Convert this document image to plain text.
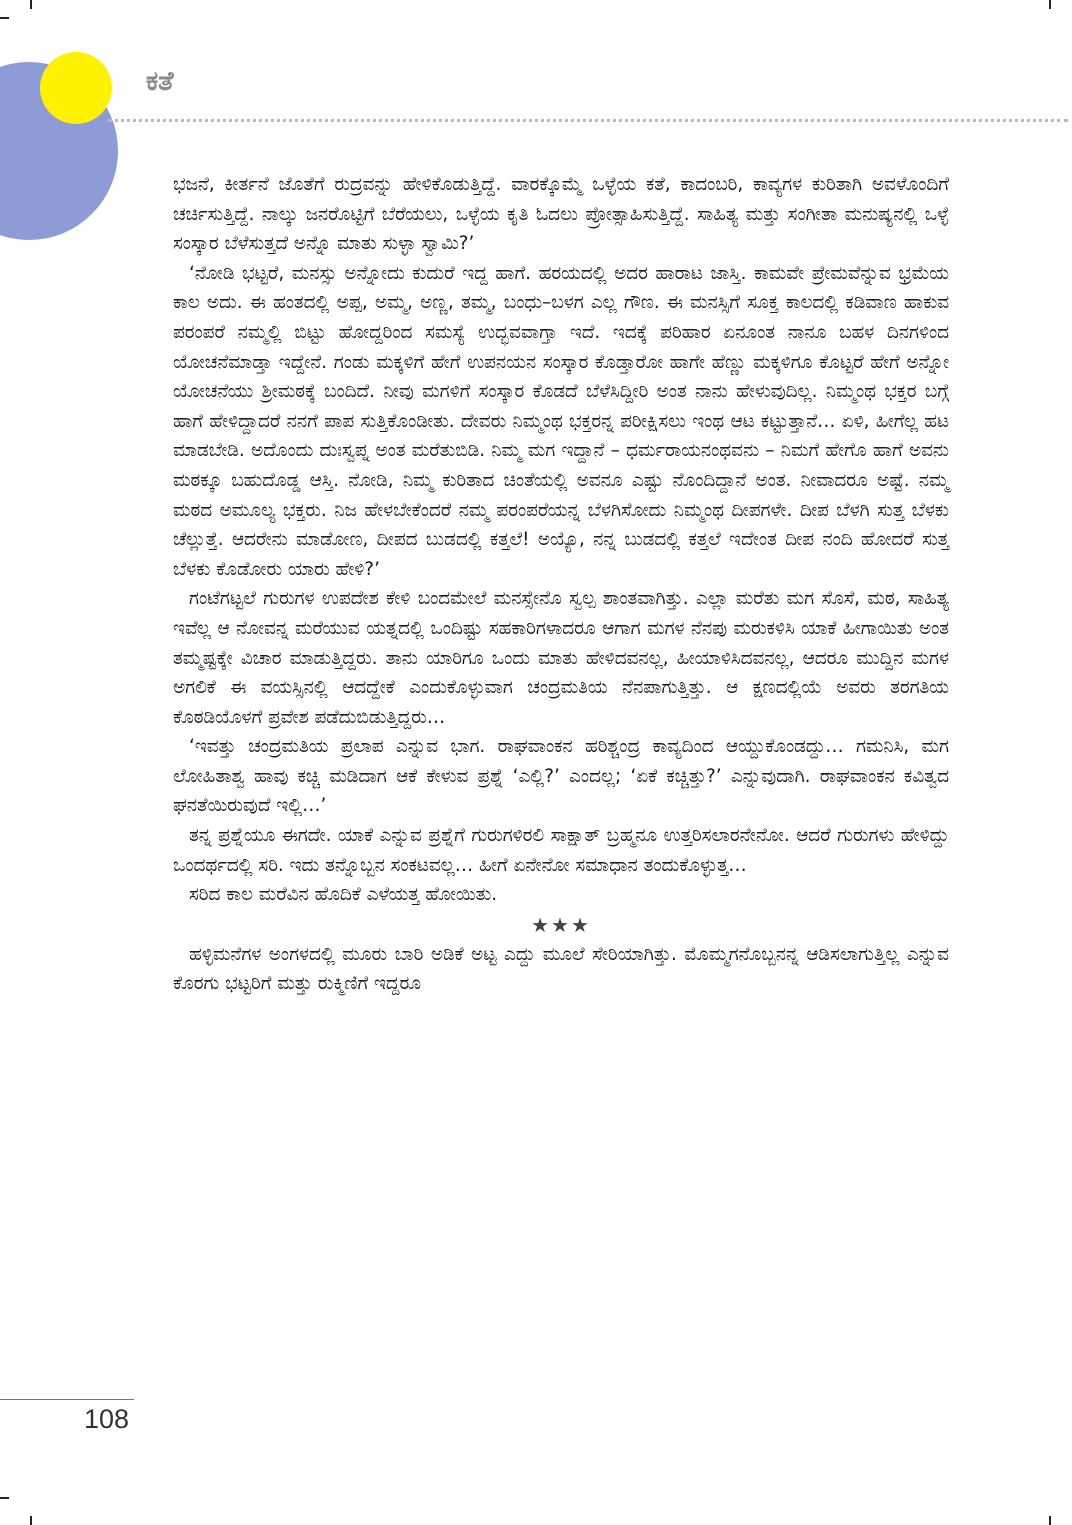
ಕತೆ

ಭಜನೆ, ಕೀರ್ತನೆ ಜೊತೆಗೆ ರುದ್ರವನ್ನು ಹೇಳಿಕೊಡುತ್ತಿದ್ದೆ. ವಾರಕ್ಕೊಮ್ಮೆ ಒಳ್ಳೆಯ ಕತೆ, ಕಾದಂಬರಿ, ಕಾವ್ಯಗಳ ಕುರಿತಾಗಿ ಅವಳೊಂದಿಗೆ ಚರ್ಚಿಸುತ್ತಿದ್ದೆ. ನಾಲ್ಕು ಜನರೊಟ್ಟಿಗೆ ಬೆರೆಯಲು, ಒಳ್ಳೆಯ ಕೃತಿ ಓದಲು ಪ್ರೋತ್ಸಾಹಿಸುತ್ತಿದ್ದೆ. ಸಾಹಿತ್ಯ ಮತ್ತು ಸಂಗೀತಾ ಮನುಷ್ಯನಲ್ಲಿ ಒಳ್ಳೆ ಸಂಸ್ಕಾರ ಬೆಳೆಸುತ್ತದೆ ಅನ್ನೊ ಮಾತು ಸುಳ್ಳಾ ಸ್ವಾಮಿ?’

‘ನೋಡಿ ಭಟ್ಟರೆ, ಮನಸ್ಸು ಅನ್ನೋದು ಕುದುರೆ ಇದ್ದ ಹಾಗೆ. ಹರಯದಲ್ಲಿ ಅದರ ಹಾರಾಟ ಜಾಸ್ತಿ. ಕಾಮವೇ ಪ್ರೇಮವೆನ್ನುವ ಭ್ರಮೆಯ ಕಾಲ ಅದು. ಈ ಹಂತದಲ್ಲಿ ಅಪ್ಪ, ಅಮ್ಮ, ಅಣ್ಣ, ತಮ್ಮ, ಬಂಧು–ಬಳಗ ಎಲ್ಲ ಗೌಣ. ಈ ಮನಸ್ಸಿಗೆ ಸೂಕ್ತ ಕಾಲದಲ್ಲಿ ಕಡಿವಾಣ ಹಾಕುವ ಪರಂಪರೆ ನಮ್ಮಲ್ಲಿ ಬಿಟ್ಟು ಹೋದ್ದರಿಂದ ಸಮಸ್ಯೆ ಉದ್ಭವವಾಗ್ತಾ ಇದೆ. ಇದಕ್ಕೆ ಪರಿಹಾರ ಏನೂಂತ ನಾನೂ ಬಹಳ ದಿನಗಳಿಂದ ಯೋಚನೆಮಾಡ್ತಾ ಇದ್ದೇನೆ. ಗಂಡು ಮಕ್ಕಳಿಗೆ ಹೇಗೆ ಉಪನಯನ ಸಂಸ್ಕಾರ ಕೊಡ್ತಾರೋ ಹಾಗೇ ಹೆಣ್ಣು ಮಕ್ಕಳಿಗೂ ಕೊಟ್ಟರೆ ಹೇಗೆ ಅನ್ನೋ ಯೋಚನೆಯು ಶ್ರೀಮಠಕ್ಕೆ ಬಂದಿದೆ. ನೀವು ಮಗಳಿಗೆ ಸಂಸ್ಕಾರ ಕೊಡದೆ ಬೆಳೆಸಿದ್ದೀರಿ ಅಂತ ನಾನು ಹೇಳುವುದಿಲ್ಲ. ನಿಮ್ಮಂಥ ಭಕ್ತರ ಬಗ್ಗೆ ಹಾಗೆ ಹೇಳಿದ್ದಾದರೆ ನನಗೆ ಪಾಪ ಸುತ್ತಿಕೊಂಡೀತು. ದೇವರು ನಿಮ್ಮಂಥ ಭಕ್ತರನ್ನ ಪರೀಕ್ಷಿಸಲು ಇಂಥ ಆಟ ಕಟ್ಟುತ್ತಾನೆ… ಏಳಿ, ಹೀಗೆಲ್ಲ ಹಟ ಮಾಡಬೇಡಿ. ಅದೊಂದು ದುಃಸ್ವಪ್ನ ಅಂತ ಮರೆತುಬಿಡಿ. ನಿಮ್ಮ ಮಗ ಇದ್ದಾನೆ – ಧರ್ಮರಾಯನಂಥವನು – ನಿಮಗೆ ಹೇಗೊ ಹಾಗೆ ಅವನು ಮಠಕ್ಕೂ ಬಹುದೊಡ್ಡ ಆಸ್ತಿ. ನೋಡಿ, ನಿಮ್ಮ ಕುರಿತಾದ ಚಿಂತೆಯಲ್ಲಿ ಅವನೂ ಎಷ್ಟು ನೊಂದಿದ್ದಾನೆ ಅಂತ. ನೀವಾದರೂ ಅಷ್ಟೆ. ನಮ್ಮ ಮಠದ ಅಮೂಲ್ಯ ಭಕ್ತರು. ನಿಜ ಹೇಳಬೇಕೆಂದರೆ ನಮ್ಮ ಪರಂಪರೆಯನ್ನ ಬೆಳಗಿಸೋದು ನಿಮ್ಮಂಥ ದೀಪಗಳೇ. ದೀಪ ಬೆಳಗಿ ಸುತ್ತ ಬೆಳಕು ಚೆಲ್ಲುತ್ತೆ. ಆದರೇನು ಮಾಡೋಣ, ದೀಪದ ಬುಡದಲ್ಲಿ ಕತ್ತಲೆ! ಅಯ್ಯೊ, ನನ್ನ ಬುಡದಲ್ಲಿ ಕತ್ತಲೆ ಇದೇಂತ ದೀಪ ನಂದಿ ಹೋದರೆ ಸುತ್ತ ಬೆಳಕು ಕೊಡೋರು ಯಾರು ಹೇಳಿ?’

ಗಂಟೆಗಟ್ಟಲೆ ಗುರುಗಳ ಉಪದೇಶ ಕೇಳಿ ಬಂದಮೇಲೆ ಮನಸ್ಸೇನೊ ಸ್ವಲ್ಪ ಶಾಂತವಾಗಿತ್ತು. ಎಲ್ಲಾ ಮರೆತು ಮಗ ಸೊಸೆ, ಮಠ, ಸಾಹಿತ್ಯ ಇವೆಲ್ಲ ಆ ನೋವನ್ನ ಮರೆಯುವ ಯತ್ನದಲ್ಲಿ ಒಂದಿಷ್ಟು ಸಹಕಾರಿಗಳಾದರೂ ಆಗಾಗ ಮಗಳ ನೆನಪು ಮರುಕಳಿಸಿ ಯಾಕೆ ಹೀಗಾಯಿತು ಅಂತ ತಮ್ಮಷ್ಟಕ್ಕೇ ವಿಚಾರ ಮಾಡುತ್ತಿದ್ದರು. ತಾನು ಯಾರಿಗೂ ಒಂದು ಮಾತು ಹೇಳಿದವನಲ್ಲ, ಹೀಯಾಳಿಸಿದವನಲ್ಲ, ಆದರೂ ಮುದ್ದಿನ ಮಗಳ ಅಗಲಿಕೆ ಈ ವಯಸ್ಸಿನಲ್ಲಿ ಆದದ್ದೇಕೆ ಎಂದುಕೊಳ್ಳುವಾಗ ಚಂದ್ರಮತಿಯ ನೆನಪಾಗುತ್ತಿತ್ತು. ಆ ಕ್ಷಣದಲ್ಲಿಯೆ ಅವರು ತರಗತಿಯ ಕೊಠಡಿಯೊಳಗೆ ಪ್ರವೇಶ ಪಡೆದುಬಿಡುತ್ತಿದ್ದರು…

‘ಇವತ್ತು ಚಂದ್ರಮತಿಯ ಪ್ರಲಾಪ ಎನ್ನುವ ಭಾಗ. ರಾಘವಾಂಕನ ಹರಿಶ್ಚಂದ್ರ ಕಾವ್ಯದಿಂದ ಆಯ್ದುಕೊಂಡದ್ದು… ಗಮನಿಸಿ, ಮಗ ಲೋಹಿತಾಶ್ವ ಹಾವು ಕಚ್ಚಿ ಮಡಿದಾಗ ಆಕೆ ಕೇಳುವ ಪ್ರಶ್ನೆ ‘ಎಲ್ಲಿ?’ ಎಂದಲ್ಲ; ‘ಏಕೆ ಕಚ್ಚಿತ್ತು?’ ಎನ್ನುವುದಾಗಿ. ರಾಘವಾಂಕನ ಕವಿತ್ವದ ಘನತೆಯಿರುವುದೆ ಇಲ್ಲಿ…’

ತನ್ನ ಪ್ರಶ್ನೆಯೂ ಈಗದೇ. ಯಾಕೆ ಎನ್ನುವ ಪ್ರಶ್ನೆಗೆ ಗುರುಗಳಿರಲಿ ಸಾಕ್ಷಾತ್ ಬ್ರಹ್ಮನೂ ಉತ್ತರಿಸಲಾರನೇನೋ. ಆದರೆ ಗುರುಗಳು ಹೇಳಿದ್ದು ಒಂದರ್ಥದಲ್ಲಿ ಸರಿ. ಇದು ತನ್ನೊಬ್ಬನ ಸಂಕಟವಲ್ಲ… ಹೀಗೆ ಏನೇನೋ ಸಮಾಧಾನ ತಂದುಕೊಳ್ಳುತ್ತ…

ಸರಿದ ಕಾಲ ಮರೆವಿನ ಹೊದಿಕೆ ಎಳೆಯತ್ತ ಹೋಯಿತು.

★★★

ಹಳ್ಳಿಮನೆಗಳ ಅಂಗಳದಲ್ಲಿ ಮೂರು ಬಾರಿ ಅಡಿಕೆ ಅಟ್ಟ ಎದ್ದು ಮೂಲೆ ಸೇರಿಯಾಗಿತ್ತು. ಮೊಮ್ಮಗನೊಬ್ಬನನ್ನ ಆಡಿಸಲಾಗುತ್ತಿಲ್ಲ ಎನ್ನುವ ಕೊರಗು ಭಟ್ಟರಿಗೆ ಮತ್ತು ರುಕ್ಮಿಣಿಗೆ ಇದ್ದರೂ

108
